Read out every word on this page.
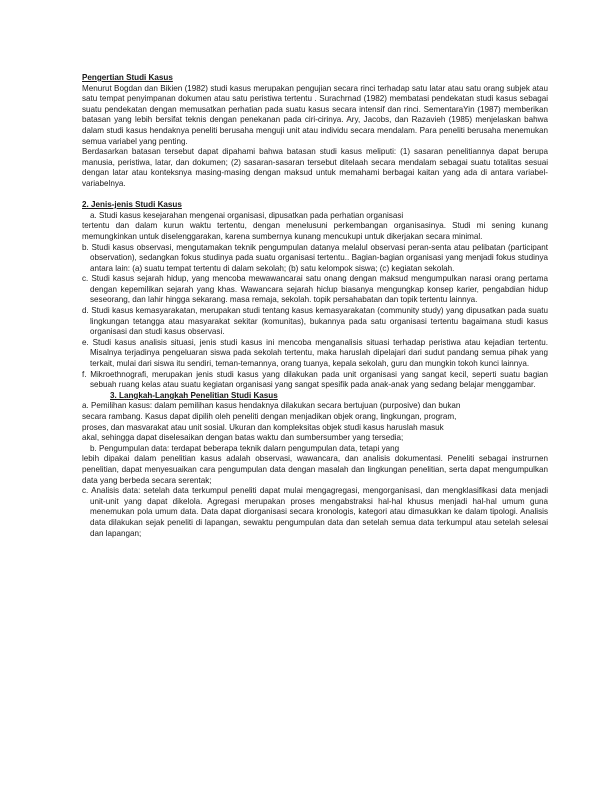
Pengertian Studi Kasus

Menurut Bogdan dan Bikien (1982) studi kasus merupakan pengujian secara rinci terhadap satu latar atau satu orang subjek atau satu tempat penyimpanan dokumen atau satu peristiwa tertentu . Surachrnad (1982) membatasi pendekatan studi kasus sebagai suatu pendekatan dengan memusatkan perhatian pada suatu kasus secara intensif dan rinci. SementaraYin (1987) memberikan batasan yang lebih bersifat teknis dengan penekanan pada ciri-cirinya. Ary, Jacobs, dan Razavieh (1985) menjelaskan bahwa dalam studi kasus hendaknya peneliti berusaha menguji unit atau individu secara mendalam. Para peneliti berusaha menemukan semua variabel yang penting.

Berdasarkan batasan tersebut dapat dipahami bahwa batasan studi kasus meliputi: (1) sasaran penelitiannya dapat berupa manusia, peristiwa, latar, dan dokumen; (2) sasaran-sasaran tersebut ditelaah secara mendalam sebagai suatu totalitas sesuai dengan latar atau konteksnya masing-masing dengan maksud untuk memahami berbagai kaitan yang ada di antara variabel-variabelnya.

2. Jenis-jenis Studi Kasus

a. Studi kasus kesejarahan mengenai organisasi, dipusatkan pada perhatian organisasi

tertentu dan dalam kurun waktu tertentu, dengan menelusuni perkembangan organisasinya. Studi mi sening kunang memungkinkan untuk diselenggarakan, karena sumbernya kunang mencukupi untuk dikerjakan secara minimal.

b. Studi kasus observasi, mengutamakan teknik pengumpulan datanya melalul observasi peran-senta atau pelibatan (participant observation), sedangkan fokus studinya pada suatu organisasi tertentu.. Bagian-bagian organisasi yang menjadi fokus studinya antara lain: (a) suatu tempat tertentu di dalam sekolah; (b) satu kelompok siswa; (c) kegiatan sekolah.

c. Studi kasus sejarah hidup, yang mencoba mewawancarai satu onang dengan maksud mengumpulkan narasi orang pertama dengan kepemilikan sejarah yang khas. Wawancara sejarah hiclup biasanya mengungkap konsep karier, pengabdian hidup seseorang, dan lahir hingga sekarang. masa remaja, sekolah. topik persahabatan dan topik tertentu lainnya.

d. Studi kasus kemasyarakatan, merupakan studi tentang kasus kemasyarakatan (community study) yang dipusatkan pada suatu lingkungan tetangga atau masyarakat sekitar (komunitas), bukannya pada satu organisasi tertentu bagaimana studi kasus organisasi dan studi kasus observasi.

e. Studi kasus analisis situasi, jenis studi kasus ini mencoba menganalisis situasi terhadap peristiwa atau kejadian tertentu. Misalnya terjadinya pengeluaran siswa pada sekolah tertentu, maka haruslah dipelajari dari sudut pandang semua pihak yang terkait, mulai dari siswa itu sendiri, teman-temannya, orang tuanya, kepala sekolah, guru dan mungkin tokoh kunci lainnya.

f. Mikroethnografi, merupakan jenis studi kasus yang dilakukan pada unit organisasi yang sangat kecil, seperti suatu bagian sebuah ruang kelas atau suatu kegiatan organisasi yang sangat spesifik pada anak-anak yang sedang belajar menggambar.

3. Langkah-Langkah Penelitian Studi Kasus

a. Pemilihan kasus: dalam pemilihan kasus hendaknya dilakukan secara bertujuan (purposive) dan bukan secara rambang. Kasus dapat dipilih oleh peneliti dengan menjadikan objek orang, lingkungan, program, proses, dan masvarakat atau unit sosial. Ukuran dan kompleksitas objek studi kasus haruslah masuk akal, sehingga dapat diselesaikan dengan batas waktu dan sumbersumber yang tersedia;

b. Pengumpulan data: terdapat beberapa teknik dalarn pengumpulan data, tetapi yang

lebih dipakai dalam penelitian kasus adalah observasi, wawancara, dan analisis dokumentasi. Peneliti sebagai instrurnen penelitian, dapat menyesuaikan cara pengumpulan data dengan masalah dan lingkungan penelitian, serta dapat mengumpulkan data yang berbeda secara serentak;

c. Analisis data: setelah data terkumpul peneliti dapat mulai mengagregasi, mengorganisasi, dan mengklasifikasi data menjadi unit-unit yang dapat dikelola. Agregasi merupakan proses mengabstraksi hal-hal khusus menjadi hal-hal umum guna menemukan pola umum data. Data dapat diorganisasi secara kronologis, kategori atau dimasukkan ke dalam tipologi. Analisis data dilakukan sejak peneliti di lapangan, sewaktu pengumpulan data dan setelah semua data terkumpul atau setelah selesai dan lapangan;
